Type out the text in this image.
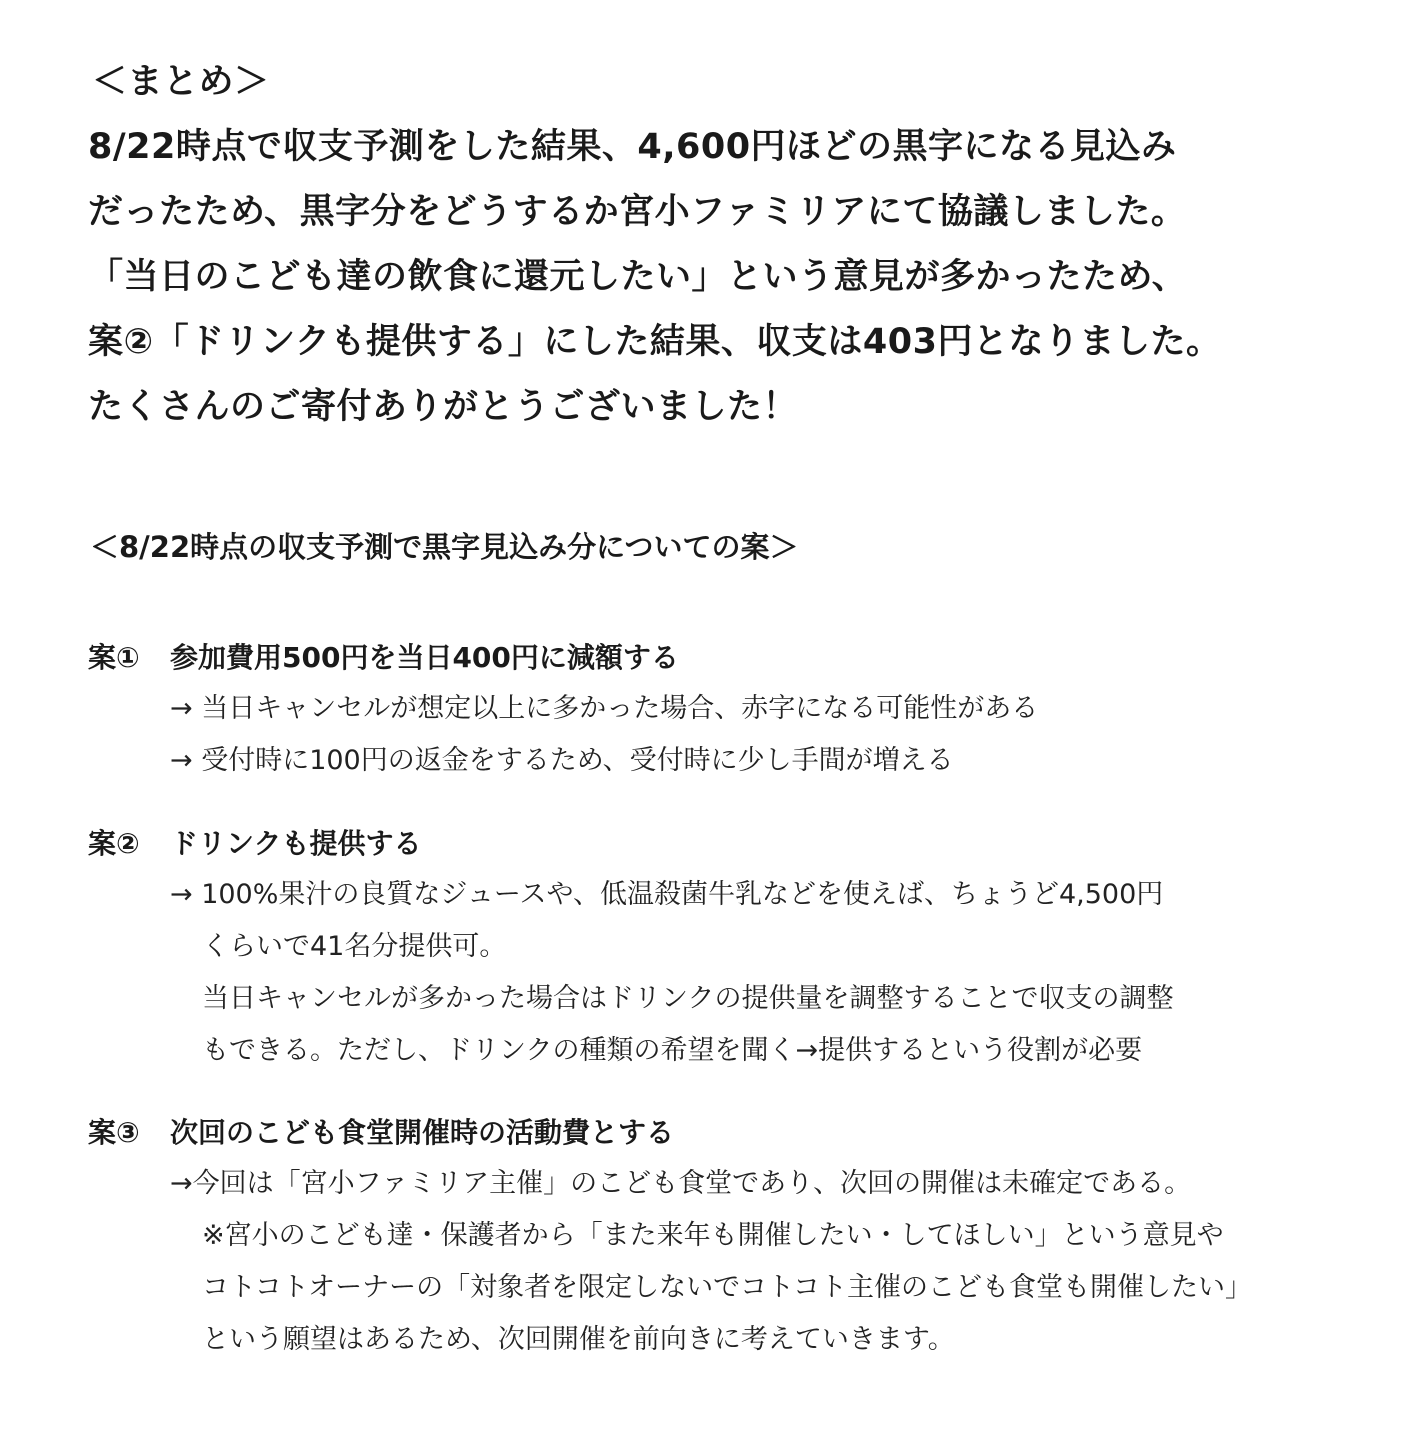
＜まとめ＞
8/22時点で収支予測をした結果、4,600円ほどの黒字になる見込み
だったため、黒字分をどうするか宮小ファミリアにて協議しました。
「当日のこども達の飲食に還元したい」という意見が多かったため、
案②「ドリンクも提供する」にした結果、収支は403円となりました。
たくさんのご寄付ありがとうございました！
＜8/22時点の収支予測で黒字見込み分についての案＞
案①	参加費用500円を当日400円に減額する
→ 当日キャンセルが想定以上に多かった場合、赤字になる可能性がある
→ 受付時に100円の返金をするため、受付時に少し手間が増える
案②	ドリンクも提供する
→ 100%果汁の良質なジュースや、低温殺菌牛乳などを使えば、ちょうど4,500円
くらいで41名分提供可。
当日キャンセルが多かった場合はドリンクの提供量を調整することで収支の調整
もできる。ただし、ドリンクの種類の希望を聞く→提供するという役割が必要
案③	次回のこども食堂開催時の活動費とする
→今回は「宮小ファミリア主催」のこども食堂であり、次回の開催は未確定である。
※宮小のこども達・保護者から「また来年も開催したい・してほしい」という意見や
コトコトオーナーの「対象者を限定しないでコトコト主催のこども食堂も開催したい」
という願望はあるため、次回開催を前向きに考えていきます。
